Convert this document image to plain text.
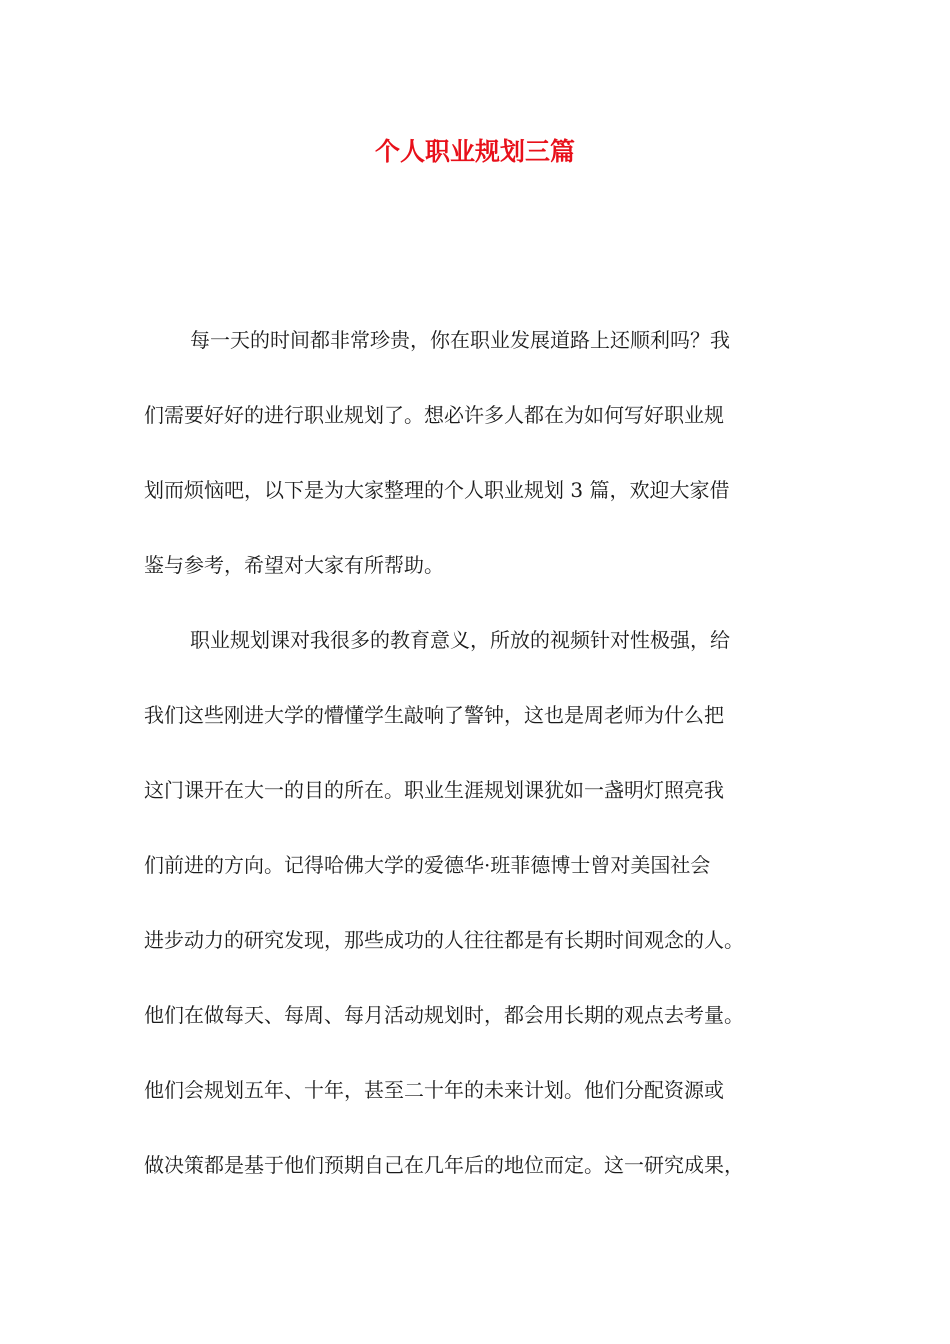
个人职业规划三篇

每一天的时间都非常珍贵，你在职业发展道路上还顺利吗？我

们需要好好的进行职业规划了。想必许多人都在为如何写好职业规

划而烦恼吧，以下是为大家整理的个人职业规划 3 篇，欢迎大家借

鉴与参考，希望对大家有所帮助。

职业规划课对我很多的教育意义，所放的视频针对性极强，给

我们这些刚进大学的懵懂学生敲响了警钟，这也是周老师为什么把

这门课开在大一的目的所在。职业生涯规划课犹如一盏明灯照亮我

们前进的方向。记得哈佛大学的爱德华·班菲德博士曾对美国社会

进步动力的研究发现，那些成功的人往往都是有长期时间观念的人。

他们在做每天、每周、每月活动规划时，都会用长期的观点去考量。

他们会规划五年、十年，甚至二十年的未来计划。他们分配资源或

做决策都是基于他们预期自己在几年后的地位而定。这一研究成果，
